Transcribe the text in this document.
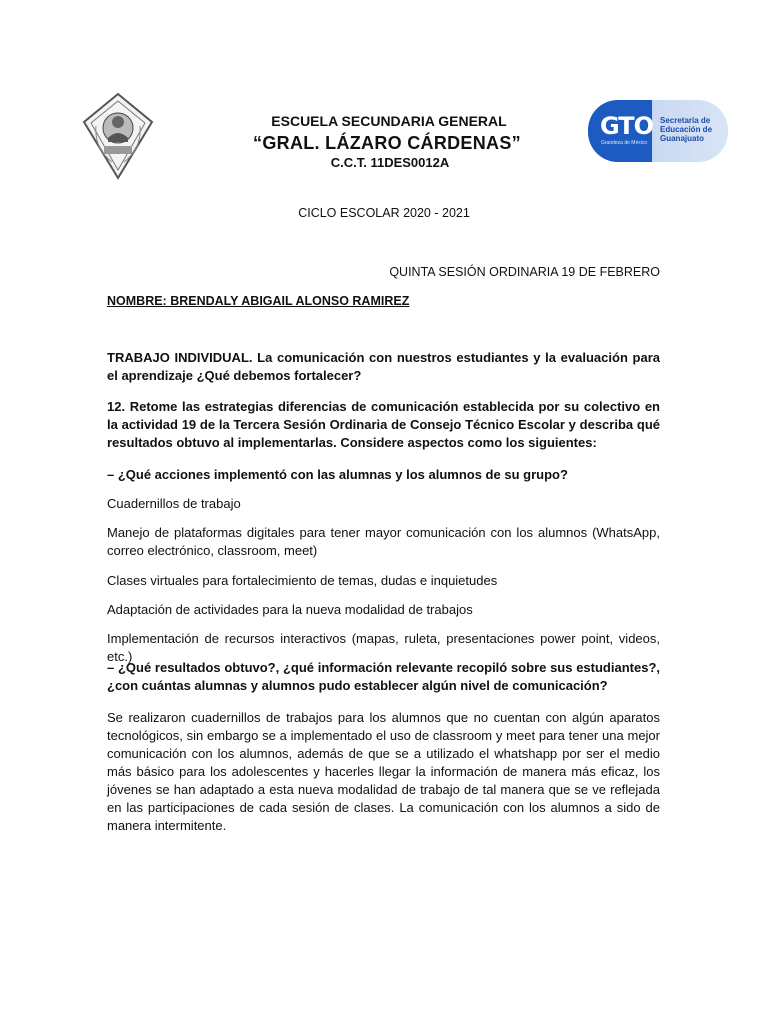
GTO
Grandeza de México
Secretaría de Educación de Guanajuato
ESCUELA SECUNDARIA GENERAL
“GRAL. LÁZARO CÁRDENAS”
C.C.T. 11DES0012A
CICLO ESCOLAR 2020 - 2021
QUINTA SESIÓN ORDINARIA 19 DE FEBRERO
NOMBRE: BRENDALY ABIGAIL ALONSO RAMIREZ

TRABAJO INDIVIDUAL. La comunicación con nuestros estudiantes y la evaluación para el aprendizaje ¿Qué debemos fortalecer?

12. Retome las estrategias diferencias de comunicación establecida por su colectivo en la actividad 19 de la Tercera Sesión Ordinaria de Consejo Técnico Escolar y describa qué resultados obtuvo al implementarlas. Considere aspectos como los siguientes:

– ¿Qué acciones implementó con las alumnas y los alumnos de su grupo?

Cuadernillos de trabajo

Manejo de plataformas digitales para tener mayor comunicación con los alumnos (WhatsApp, correo electrónico, classroom, meet)

Clases virtuales para fortalecimiento de temas, dudas e inquietudes

Adaptación de actividades para la nueva modalidad de trabajos

Implementación de recursos interactivos (mapas, ruleta, presentaciones power point, videos, etc.)

– ¿Qué resultados obtuvo?, ¿qué información relevante recopiló sobre sus estudiantes?, ¿con cuántas alumnas y alumnos pudo establecer algún nivel de comunicación?

Se realizaron cuadernillos de trabajos para los alumnos que no cuentan con algún aparatos tecnológicos, sin embargo se a implementado el uso de classroom y meet para tener una mejor comunicación con los alumnos, además de que se a utilizado el whatshapp por ser el medio más básico para los adolescentes y hacerles llegar la información de manera más eficaz, los jóvenes se han adaptado a esta nueva modalidad de trabajo de tal manera que se ve reflejada en las participaciones de cada sesión de clases. La comunicación con los alumnos a sido de manera intermitente.
